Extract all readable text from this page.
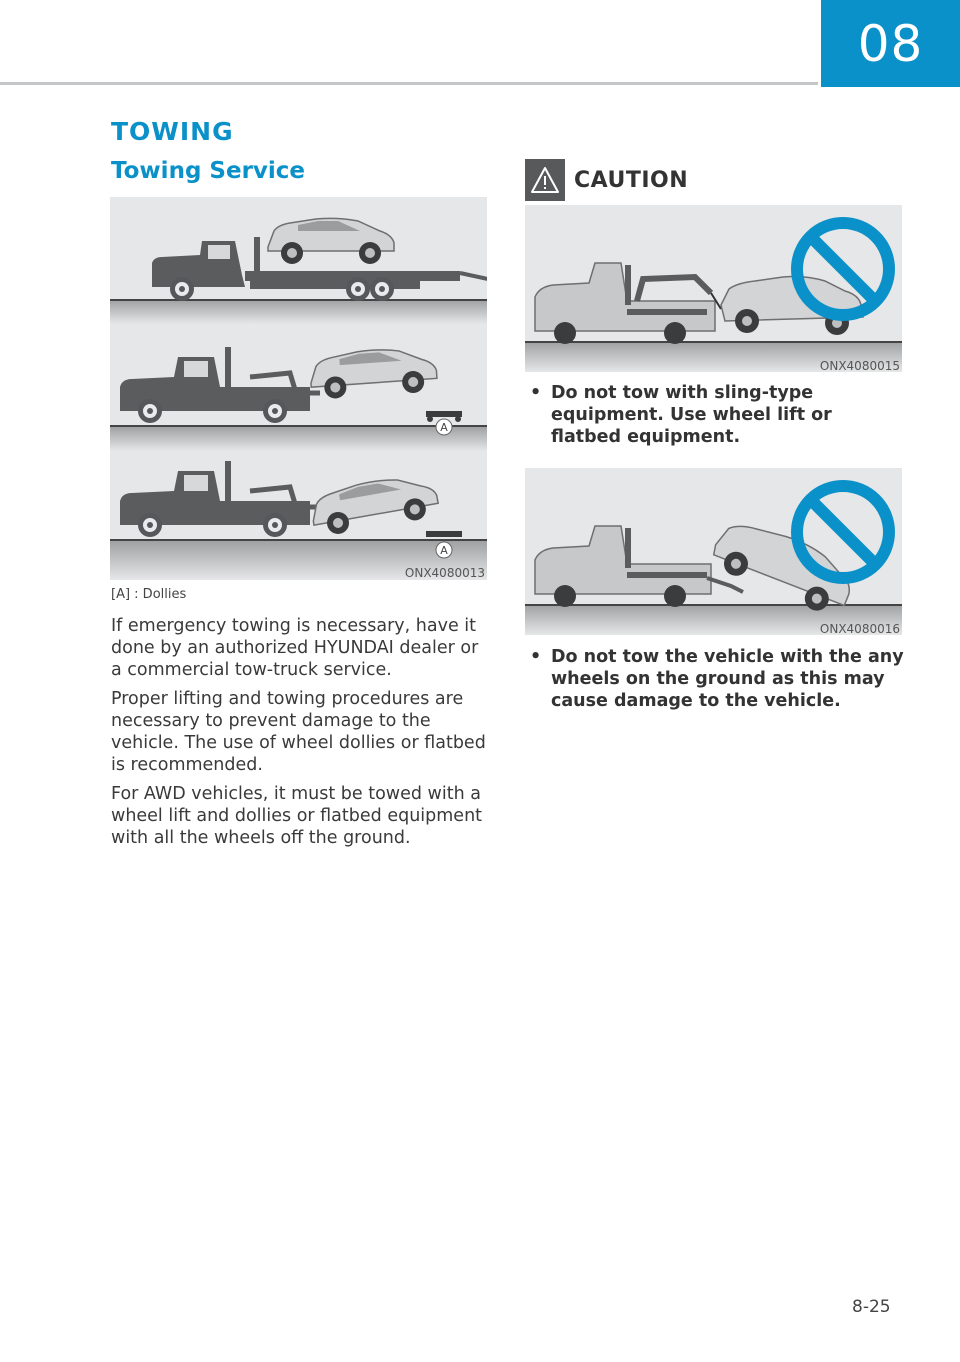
08
TOWING
Towing Service
A
A
ONX4080013
[A] : Dollies

If emergency towing is necessary, have it done by an authorized HYUNDAI dealer or a commercial tow-truck service.

Proper lifting and towing procedures are necessary to prevent damage to the vehicle. The use of wheel dollies or flatbed is recommended.

For AWD vehicles, it must be towed with a wheel lift and dollies or flatbed equipment with all the wheels off the ground.

CAUTION
ONX4080015
• Do not tow with sling-type equipment. Use wheel lift or flatbed equipment.
ONX4080016
• Do not tow the vehicle with the any wheels on the ground as this may cause damage to the vehicle.
8-25
